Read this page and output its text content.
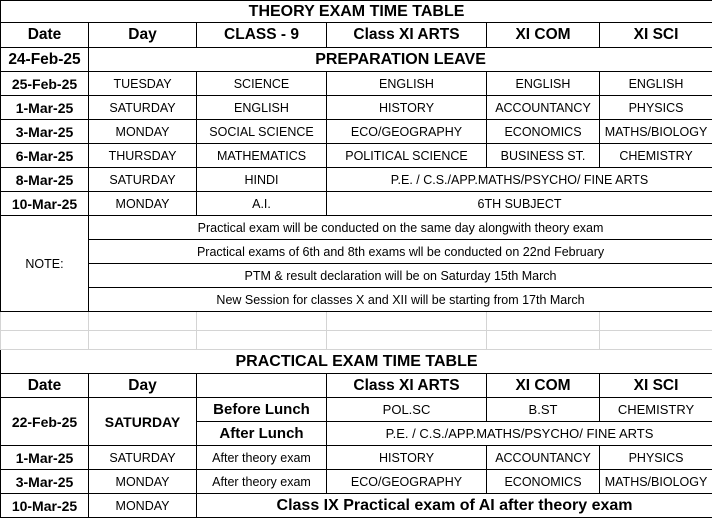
THEORY EXAM TIME TABLE					
Date	Day	CLASS - 9	Class XI ARTS	XI COM	XI SCI
24-Feb-25	PREPARATION LEAVE				
25-Feb-25	TUESDAY	SCIENCE	ENGLISH	ENGLISH	ENGLISH
1-Mar-25	SATURDAY	ENGLISH	HISTORY	ACCOUNTANCY	PHYSICS
3-Mar-25	MONDAY	SOCIAL SCIENCE	ECO/GEOGRAPHY	ECONOMICS	MATHS/BIOLOGY
6-Mar-25	THURSDAY	MATHEMATICS	POLITICAL SCIENCE	BUSINESS ST.	CHEMISTRY
8-Mar-25	SATURDAY	HINDI	P.E. / C.S./APP.MATHS/PSYCHO/ FINE ARTS		
10-Mar-25	MONDAY	A.I.	6TH SUBJECT		
NOTE:	Practical exam will be conducted on the same day alongwith theory exam				
	Practical exams of 6th and 8th exams wll be conducted on 22nd February				
	PTM & result declaration will be on Saturday 15th March				
	New Session for classes X and XII will be starting from 17th March				

PRACTICAL EXAM TIME TABLE					
Date	Day		Class XI ARTS	XI COM	XI SCI
22-Feb-25	SATURDAY	Before Lunch	POL.SC	B.ST	CHEMISTRY
		After Lunch	P.E. / C.S./APP.MATHS/PSYCHO/ FINE ARTS		
1-Mar-25	SATURDAY	After theory exam	HISTORY	ACCOUNTANCY	PHYSICS
3-Mar-25	MONDAY	After theory exam	ECO/GEOGRAPHY	ECONOMICS	MATHS/BIOLOGY
10-Mar-25	MONDAY	Class IX Practical exam of AI after theory exam			
